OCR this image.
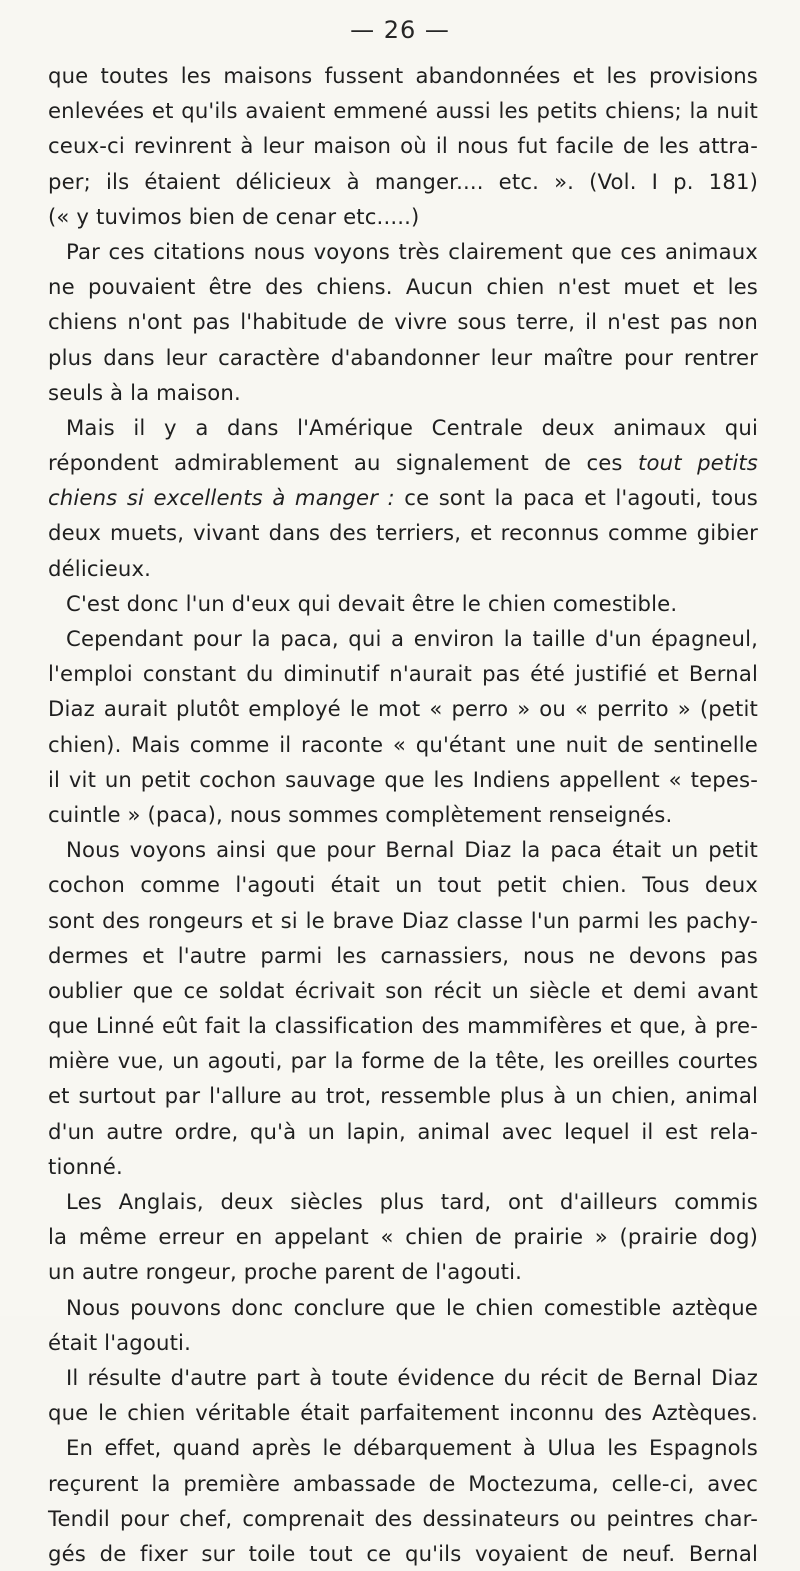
— 26 —
que toutes les maisons fussent abandonnées et les provisions
enlevées et qu'ils avaient emmené aussi les petits chiens; la nuit
ceux-ci revinrent à leur maison où il nous fut facile de les attra-
per; ils étaient délicieux à manger.... etc. ». (Vol. I p. 181)
(« y tuvimos bien de cenar etc.....)
Par ces citations nous voyons très clairement que ces animaux
ne pouvaient être des chiens. Aucun chien n'est muet et les
chiens n'ont pas l'habitude de vivre sous terre, il n'est pas non
plus dans leur caractère d'abandonner leur maître pour rentrer
seuls à la maison.
Mais il y a dans l'Amérique Centrale deux animaux qui
répondent admirablement au signalement de ces tout petits
chiens si excellents à manger : ce sont la paca et l'agouti, tous
deux muets, vivant dans des terriers, et reconnus comme gibier
délicieux.
C'est donc l'un d'eux qui devait être le chien comestible.
Cependant pour la paca, qui a environ la taille d'un épagneul,
l'emploi constant du diminutif n'aurait pas été justifié et Bernal
Diaz aurait plutôt employé le mot « perro » ou « perrito » (petit
chien). Mais comme il raconte « qu'étant une nuit de sentinelle
il vit un petit cochon sauvage que les Indiens appellent « tepes-
cuintle » (paca), nous sommes complètement renseignés.
Nous voyons ainsi que pour Bernal Diaz la paca était un petit
cochon comme l'agouti était un tout petit chien. Tous deux
sont des rongeurs et si le brave Diaz classe l'un parmi les pachy-
dermes et l'autre parmi les carnassiers, nous ne devons pas
oublier que ce soldat écrivait son récit un siècle et demi avant
que Linné eût fait la classification des mammifères et que, à pre-
mière vue, un agouti, par la forme de la tête, les oreilles courtes
et surtout par l'allure au trot, ressemble plus à un chien, animal
d'un autre ordre, qu'à un lapin, animal avec lequel il est rela-
tionné.
Les Anglais, deux siècles plus tard, ont d'ailleurs commis
la même erreur en appelant « chien de prairie » (prairie dog)
un autre rongeur, proche parent de l'agouti.
Nous pouvons donc conclure que le chien comestible aztèque
était l'agouti.
Il résulte d'autre part à toute évidence du récit de Bernal Diaz
que le chien véritable était parfaitement inconnu des Aztèques.
En effet, quand après le débarquement à Ulua les Espagnols
reçurent la première ambassade de Moctezuma, celle-ci, avec
Tendil pour chef, comprenait des dessinateurs ou peintres char-
gés de fixer sur toile tout ce qu'ils voyaient de neuf. Bernal
